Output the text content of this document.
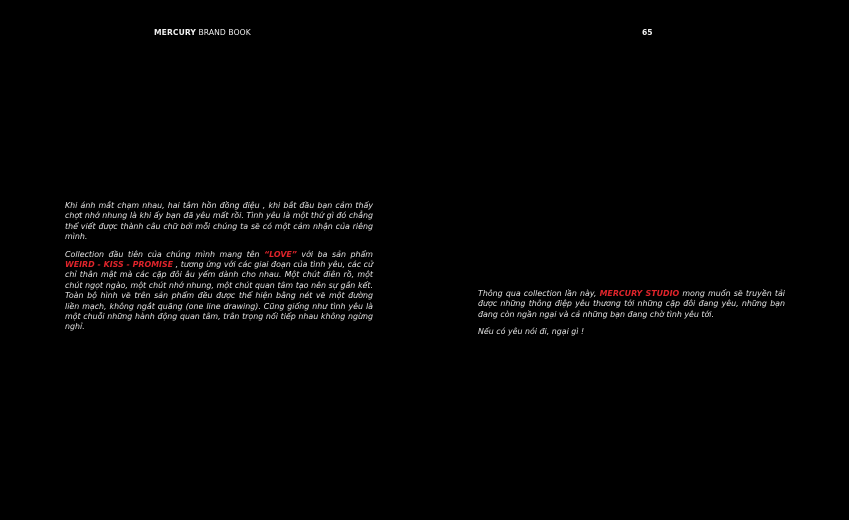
MERCURY BRAND BOOK	65

Khi ánh mắt chạm nhau, hai tâm hồn đồng điệu , khi bắt đầu bạn cảm thấy chợt nhớ nhung là khi ấy bạn đã yêu mất rồi. Tình yêu là một thứ gì đó chẳng thể viết được thành câu chữ bởi mỗi chúng ta sẽ có một cảm nhận của riêng mình.

Collection đầu tiên của chúng mình mang tên “LOVE” với ba sản phẩm WEIRD - KISS - PROMISE , tương ứng với các giai đoạn của tình yêu, các cử chỉ thân mật mà các cặp đôi âu yếm dành cho nhau. Một chút điên rồ, một chút ngọt ngào, một chút nhớ nhung, một chút quan tâm tạo nên sự gắn kết. Toàn bộ hình vẽ trên sản phẩm đều được thể hiện bằng nét vẽ một đường liền mạch, không ngắt quãng (one line drawing). Cũng giống như tình yêu là một chuỗi những hành động quan tâm, trân trọng nối tiếp nhau không ngừng nghỉ.

Thông qua collection lần này, MERCURY STUDIO mong muốn sẽ truyền tải được những thông điệp yêu thương tới những cặp đôi đang yêu, những bạn đang còn ngần ngại và cả những bạn đang chờ tình yêu tới.

Nếu có yêu nói đi, ngại gì !
